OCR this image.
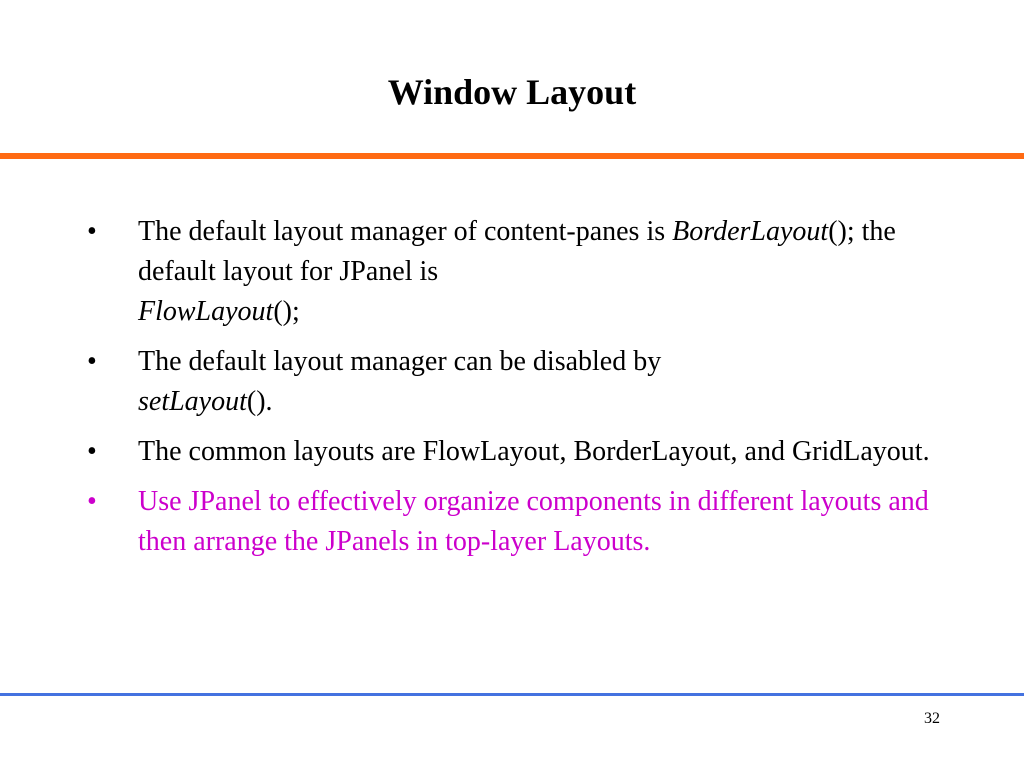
Window Layout
• The default layout manager of content-panes is BorderLayout(); the default layout for JPanel is
FlowLayout();
• The default layout manager can be disabled by
setLayout().
• The common layouts are FlowLayout, BorderLayout, and GridLayout.
• Use JPanel to effectively organize components in different layouts and then arrange the JPanels in top-layer Layouts.
32
